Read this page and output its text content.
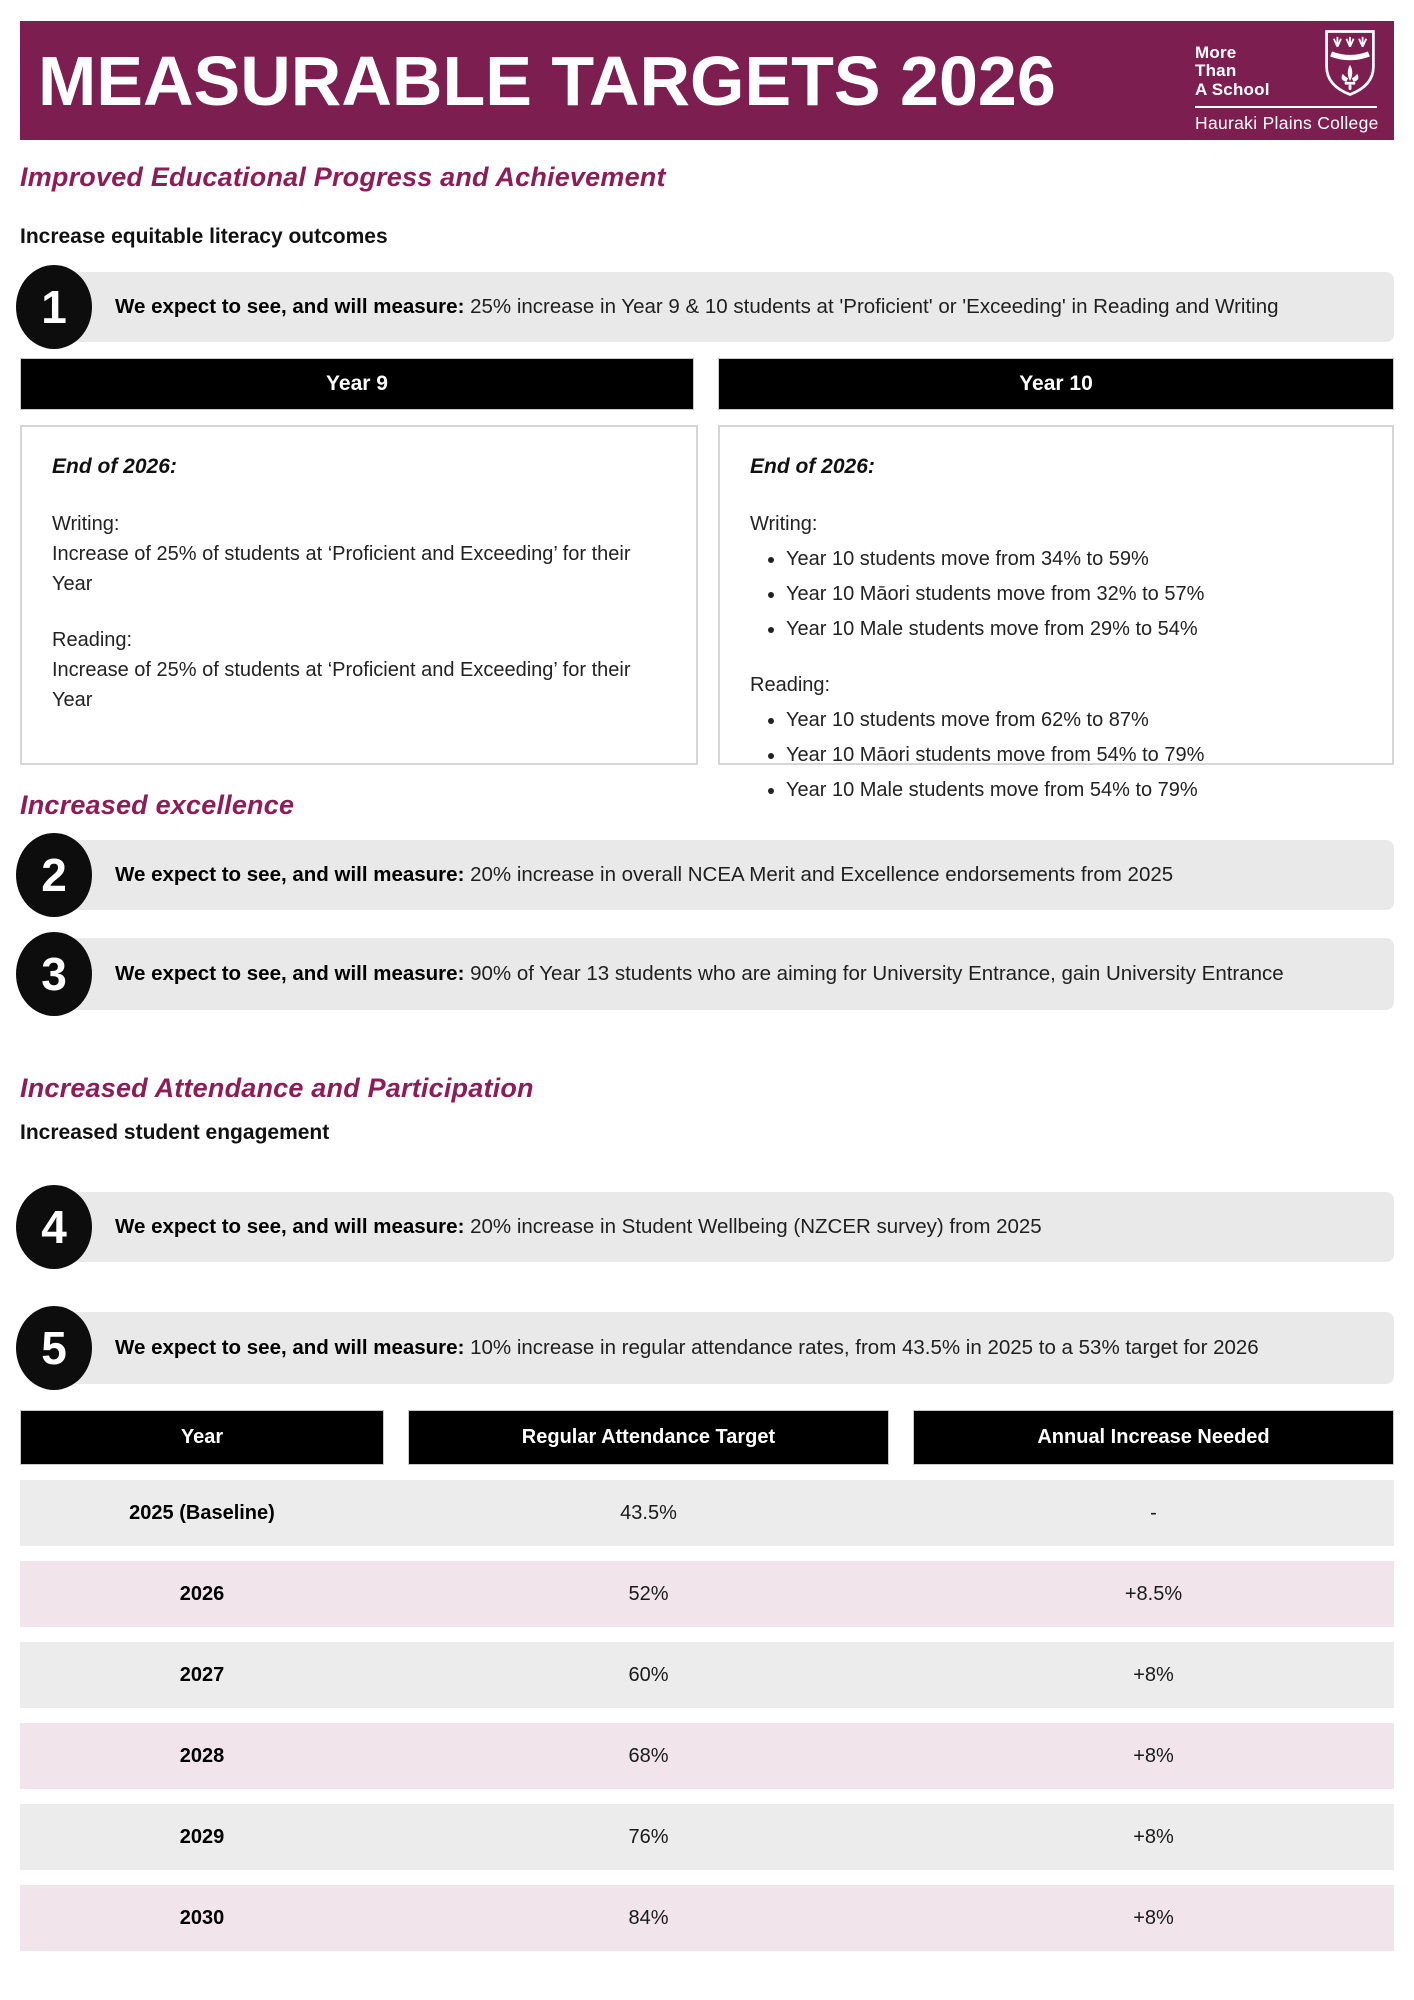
MEASURABLE TARGETS 2026	More
Than
A School
Hauraki Plains College
Improved Educational Progress and Achievement
Increase equitable literacy outcomes
1	We expect to see, and will measure: 25% increase in Year 9 & 10 students at 'Proficient' or 'Exceeding' in Reading and Writing

Year 9	Year 10
End of 2026:
Writing:
Increase of 25% of students at ‘Proficient and Exceeding’ for their Year
Reading:
Increase of 25% of students at ‘Proficient and Exceeding’ for their Year
End of 2026:
Writing:
• Year 10 students move from 34% to 59%
• Year 10 Māori students move from 32% to 57%
• Year 10 Male students move from 29% to 54%
Reading:
• Year 10 students move from 62% to 87%
• Year 10 Māori students move from 54% to 79%
• Year 10 Male students move from 54% to 79%
Increased excellence
2	We expect to see, and will measure: 20% increase in overall NCEA Merit and Excellence endorsements from 2025

3	We expect to see, and will measure: 90% of Year 13 students who are aiming for University Entrance, gain University Entrance

Increased Attendance and Participation
Increased student engagement
4	We expect to see, and will measure: 20% increase in Student Wellbeing (NZCER survey) from 2025

5	We expect to see, and will measure: 10% increase in regular attendance rates, from 43.5% in 2025 to a 53% target for 2026

Year	Regular Attendance Target	Annual Increase Needed
2025 (Baseline)	43.5%	-
2026	52%	+8.5%
2027	60%	+8%
2028	68%	+8%
2029	76%	+8%
2030	84%	+8%
